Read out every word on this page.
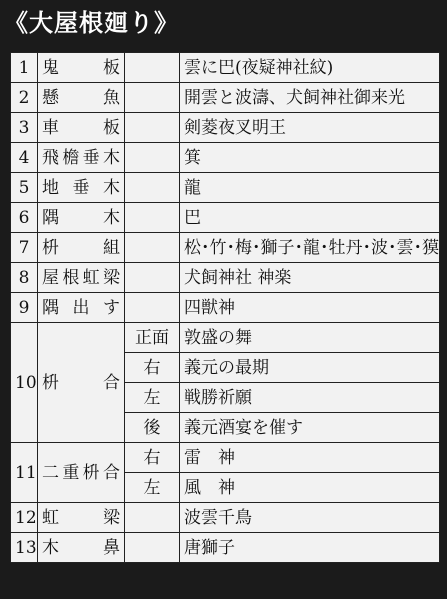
《大屋根廻り》
1	鬼　板		雲に巴(夜疑神社紋)
2	懸　魚		開雲と波濤、犬飼神社御来光
3	車　板		剣菱夜叉明王
4	飛檐垂木		箕
5	地垂木		龍
6	隅　木		巴
7	枡　組		松･竹･梅･獅子･龍･牡丹･波･雲･獏
8	屋根虹梁		犬飼神社 神楽
9	隅出す		四獣神
10	枡　合	正面	敦盛の舞
		右	義元の最期
		左	戦勝祈願
		後	義元酒宴を催す
11	二重枡合	右	雷　神
		左	風　神
12	虹　梁		波雲千鳥
13	木　鼻		唐獅子
